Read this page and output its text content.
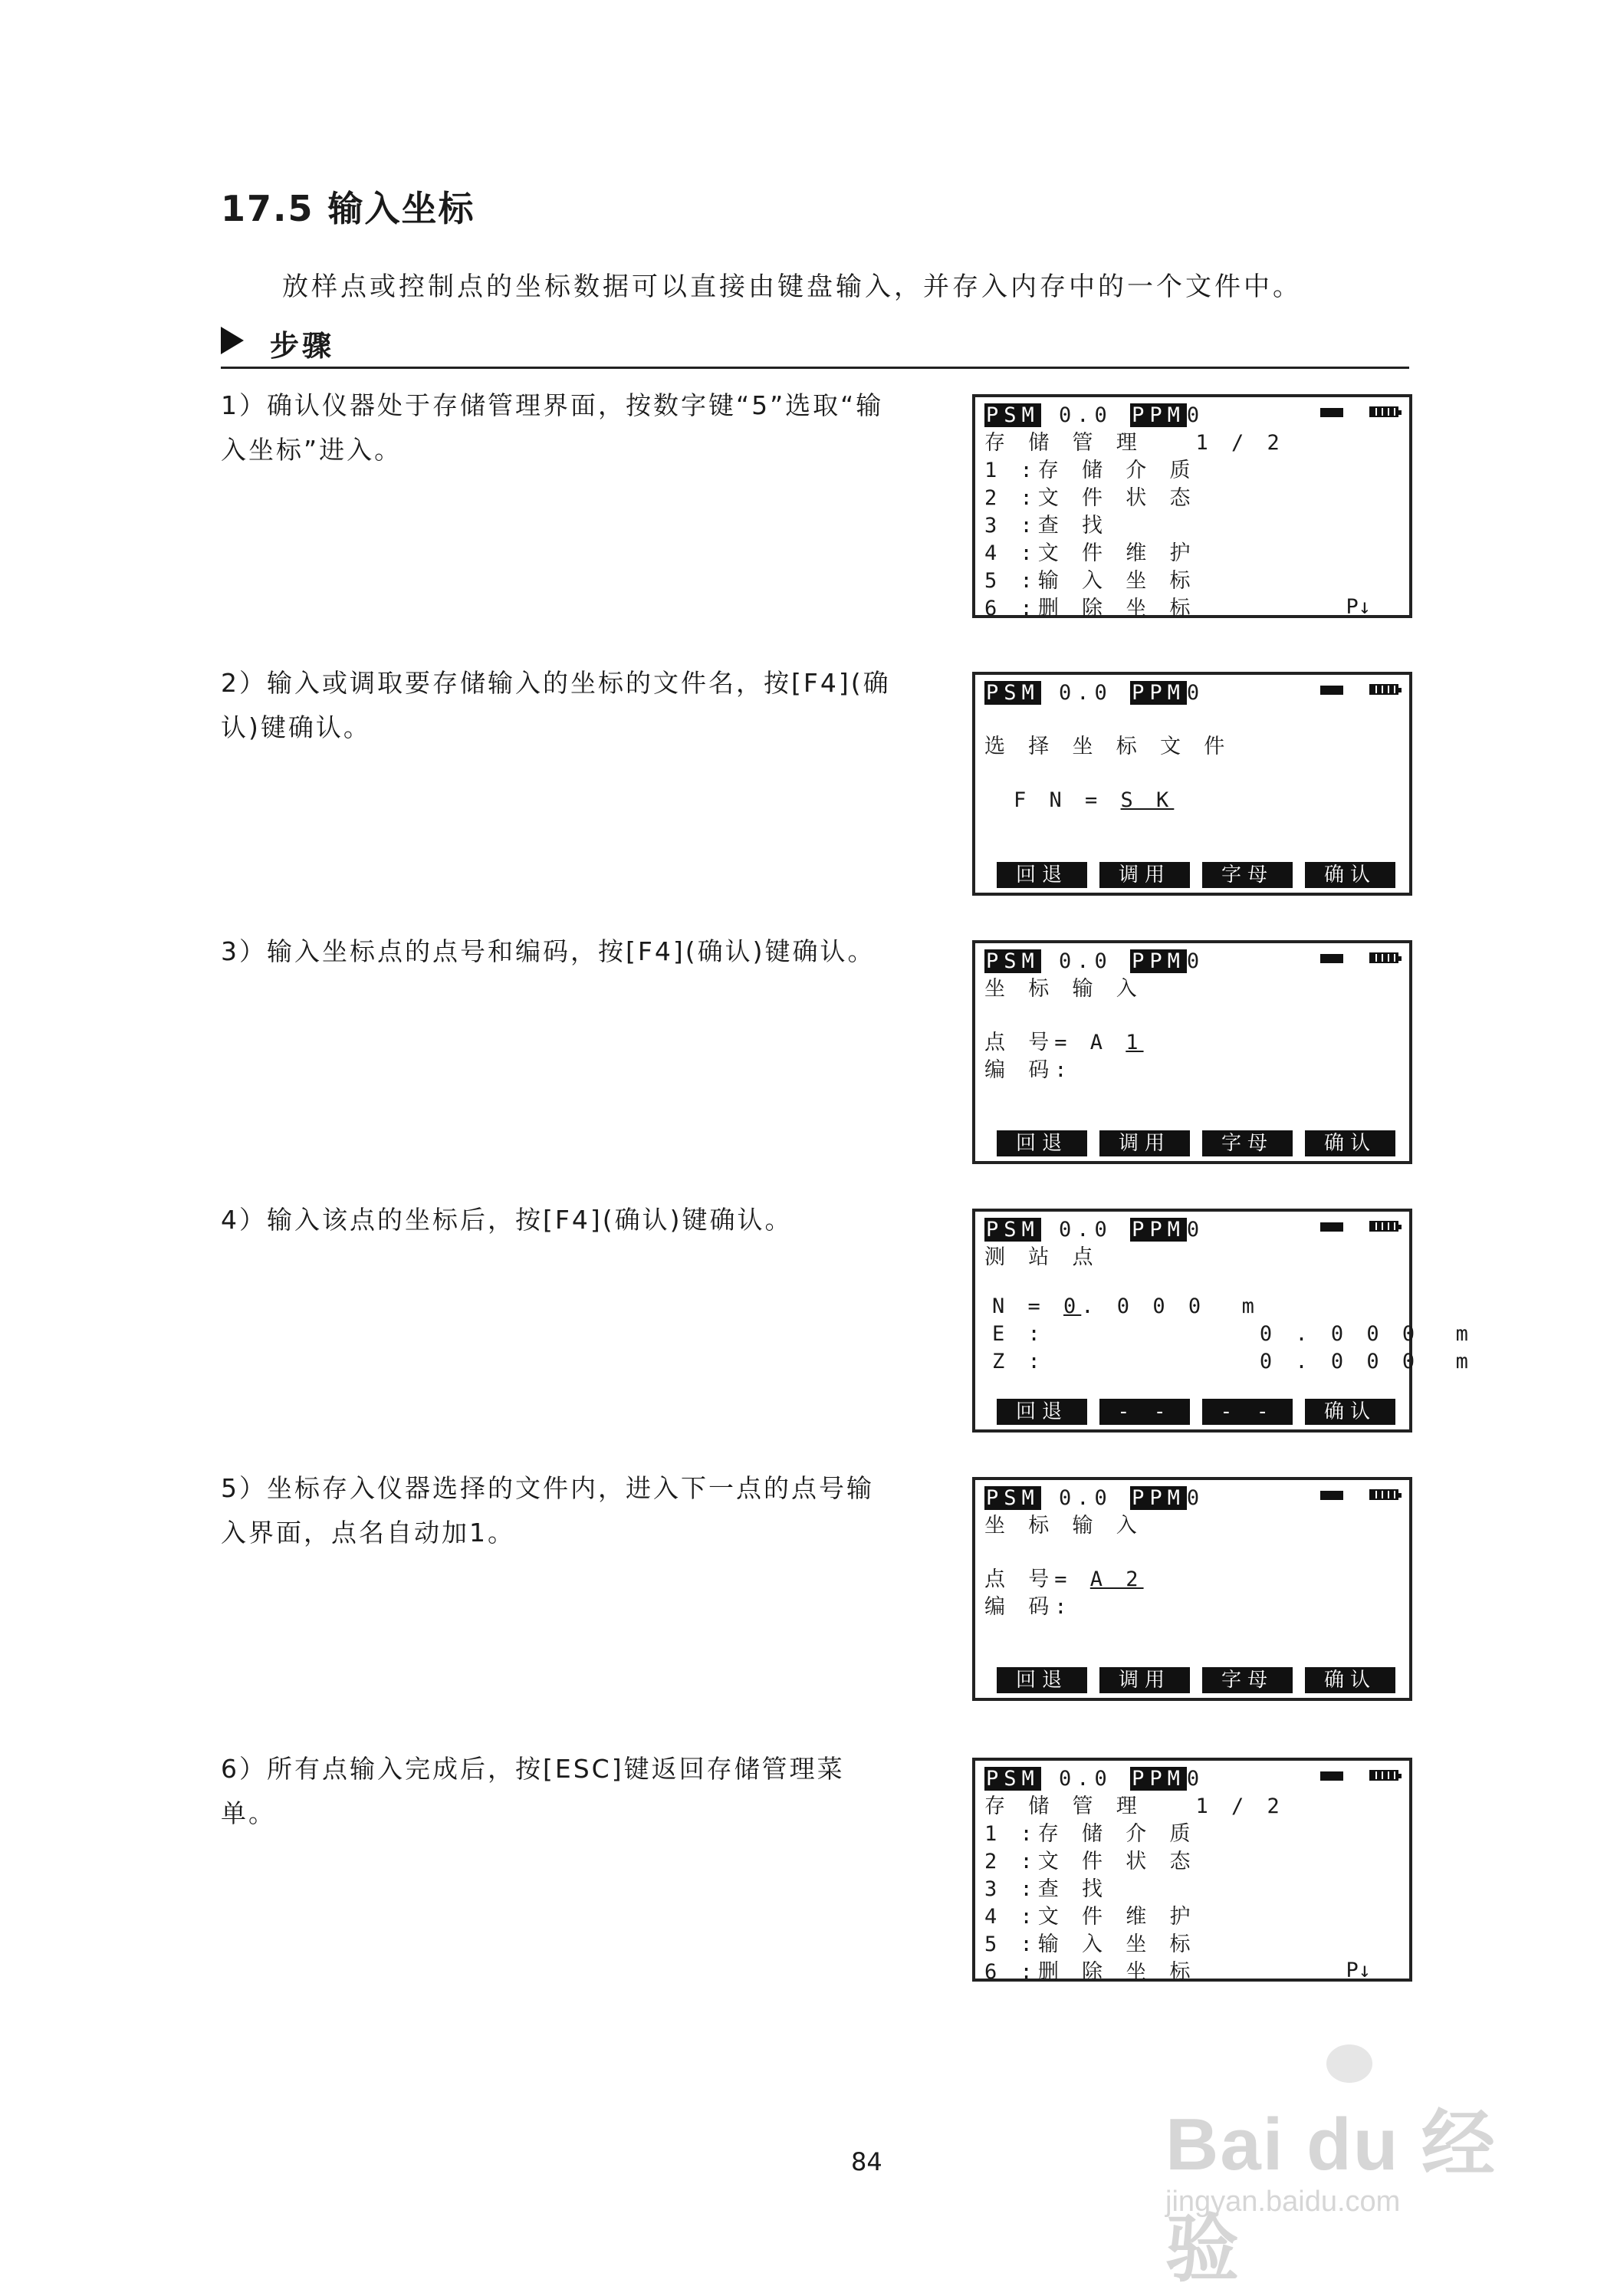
17.5 输入坐标
放样点或控制点的坐标数据可以直接由键盘输入，并存入内存中的一个文件中。
步骤
1）确认仪器处于存储管理界面，按数字键“5”选取“输入坐标”进入。
2）输入或调取要存储输入的坐标的文件名，按[F4](确认)键确认。
3）输入坐标点的点号和编码，按[F4](确认)键确认。
4）输入该点的坐标后，按[F4](确认)键确认。
5）坐标存入仪器选择的文件内，进入下一点的点号输入界面，点名自动加1。
6）所有点输入完成后，按[ESC]键返回存储管理菜单。
PSM 0.0 PPM0
存 储 管 理   1 / 2
1 :存 储 介 质
2 :文 件 状 态
3 :查 找
4 :文 件 维 护
5 :输 入 坐 标
6 :删 除 坐 标	P↓
PSM 0.0 PPM0
选 择 坐 标 文 件
F N = S K
回退	调用	字母	确认
PSM 0.0 PPM0
坐 标 输 入
点 号= A 1
编 码:
回退	调用	字母	确认
PSM 0.0 PPM0
测 站 点
N = 0. 0 0 0  m
E :            0 . 0 0 0  m
Z :            0 . 0 0 0  m
回退	- - -
- - -
确认
PSM 0.0 PPM0
坐 标 输 入
点 号= A 2
编 码:
回退	调用	字母	确认
PSM 0.0 PPM0
存 储 管 理   1 / 2
1 :存 储 介 质
2 :文 件 状 态
3 :查 找
4 :文 件 维 护
5 :输 入 坐 标
6 :删 除 坐 标	P↓
84	Bai du 经验
jingyan.baidu.com
